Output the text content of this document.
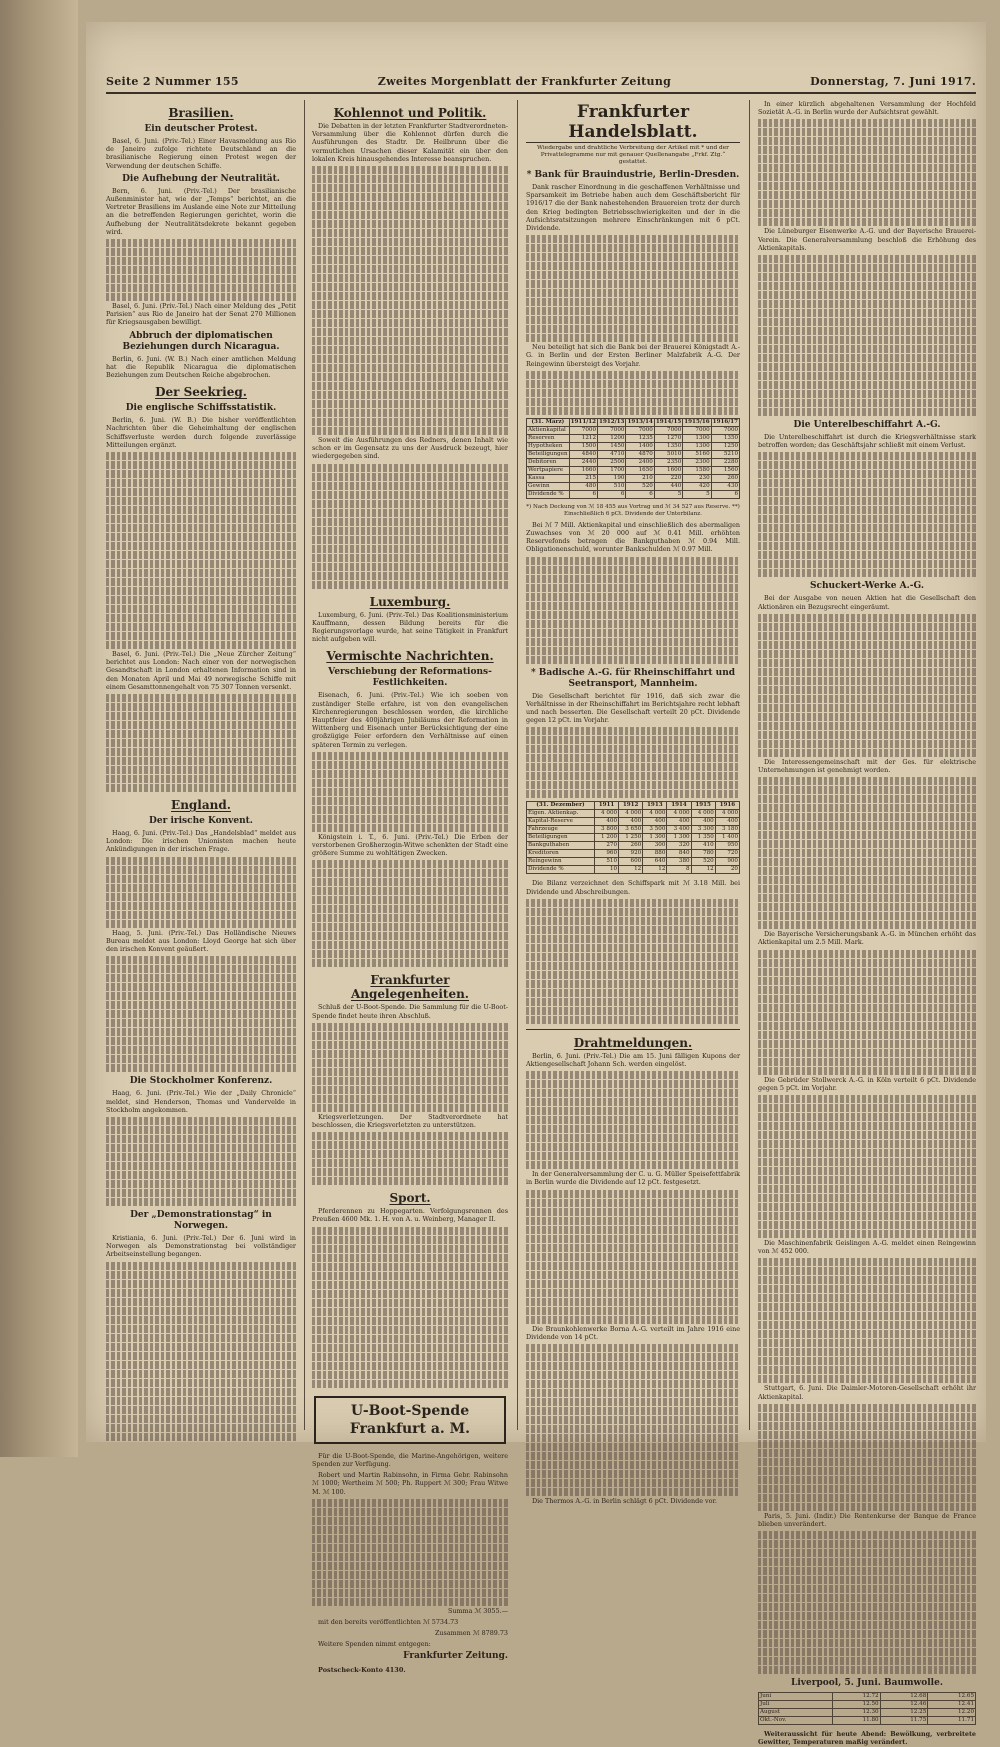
Seite 2 Nummer 155	Zweites Morgenblatt der Frankfurter Zeitung	Donnerstag, 7. Juni 1917.
Brasilien.
Ein deutscher Protest.

Basel, 6. Juni. (Priv.-Tel.) Einer Havasmeldung aus Rio de Janeiro zufolge richtete Deutschland an die brasilianische Regierung einen Protest wegen der Verwendung der deutschen Schiffe.

Die Aufhebung der Neutralität.

Bern, 6. Juni. (Priv.-Tel.) Der brasilianische Außenminister hat, wie der „Temps“ berichtet, an die Vertreter Brasiliens im Auslande eine Note zur Mitteilung an die betreffenden Regierungen gerichtet, worin die Aufhebung der Neutralitätsdekrete bekannt gegeben wird.

Basel, 6. Juni. (Priv.-Tel.) Nach einer Meldung des „Petit Parisien“ aus Rio de Janeiro hat der Senat 270 Millionen für Kriegsausgaben bewilligt.

Abbruch der diplomatischen Beziehungen durch Nicaragua.

Berlin, 6. Juni. (W. B.) Nach einer amtlichen Meldung hat die Republik Nicaragua die diplomatischen Beziehungen zum Deutschen Reiche abgebrochen.

Der Seekrieg.
Die englische Schiffsstatistik.

Berlin, 6. Juni. (W. B.) Die bisher veröffentlichten Nachrichten über die Geheimhaltung der englischen Schiffsverluste werden durch folgende zuverlässige Mitteilungen ergänzt.

Basel, 6. Juni. (Priv.-Tel.) Die „Neue Zürcher Zeitung“ berichtet aus London: Nach einer von der norwegischen Gesandtschaft in London erhaltenen Information sind in den Monaten April und Mai 49 norwegische Schiffe mit einem Gesamttonnengehalt von 75 307 Tonnen versenkt.

England.
Der irische Konvent.

Haag, 6. Juni. (Priv.-Tel.) Das „Handelsblad“ meldet aus London: Die irischen Unionisten machen heute Ankündigungen in der irischen Frage.

Haag, 5. Juni. (Priv.-Tel.) Das Holländische Nieuws Bureau meldet aus London: Lloyd George hat sich über den irischen Konvent geäußert.

Die Stockholmer Konferenz.

Haag, 6. Juni. (Priv.-Tel.) Wie der „Daily Chronicle“ meldet, sind Henderson, Thomas und Vandervelde in Stockholm angekommen.

Der „Demonstrationstag“ in Norwegen.

Kristiania, 6. Juni. (Priv.-Tel.) Der 6. Juni wird in Norwegen als Demonstrationstag bei vollständiger Arbeitseinstellung begangen.

Kohlennot und Politik.

Die Debatten in der letzten Frankfurter Stadtverordneten-Versammlung über die Kohlennot dürfen durch die Ausführungen des Stadtr. Dr. Heilbrunn über die vermutlichen Ursachen dieser Kalamität ein über den lokalen Kreis hinausgehendes Interesse beanspruchen.

Soweit die Ausführungen des Redners, denen Inhalt wie schon er im Gegensatz zu uns der Ausdruck bezeugt, hier wiedergegeben sind.

Luxemburg.

Luxemburg, 6. Juni. (Priv.-Tel.) Das Koalitionsministerium Kauffmann, dessen Bildung bereits für die Regierungsvorlage wurde, hat seine Tätigkeit in Frankfurt nicht aufgeben will.

Vermischte Nachrichten.
Verschiebung der Reformations-Festlichkeiten.

Eisenach, 6. Juni. (Priv.-Tel.) Wie ich soeben von zuständiger Stelle erfahre, ist von den evangelischen Kirchenregierungen beschlossen worden, die kirchliche Hauptfeier des 400jährigen Jubiläums der Reformation in Wittenberg und Eisenach unter Berücksichtigung der eine großzügige Feier erfordern den Verhältnisse auf einen späteren Termin zu verlegen.

Königstein i. T., 6. Juni. (Priv.-Tel.) Die Erben der verstorbenen Großherzogin-Witwe schenkten der Stadt eine größere Summe zu wohltätigen Zwecken.

Frankfurter Angelegenheiten.

Schluß der U-Boot-Spende. Die Sammlung für die U-Boot-Spende findet heute ihren Abschluß.

Kriegsverletzungen. Der Stadtverordnete hat beschlossen, die Kriegsverletzten zu unterstützen.

Sport.

Pferderennen zu Hoppegarten. Verfolgungsrennen des Preußen 4600 Mk. 1. H. von A. u. Weinberg, Manager II.

U-Boot-Spende Frankfurt a. M.

Für die U-Boot-Spende, die Marine-Angehörigen, weitere Spenden zur Verfügung.

Robert und Martin Rabinsohn, in Firma Gebr. Rabinsohn ℳ 1000; Wertheim ℳ 500; Ph. Ruppert ℳ 300; Frau Witwe M. ℳ 100.

Summa ℳ 3055.—

mit den bereits veröffentlichten ℳ 5734.73

Zusammen ℳ 8789.73

Weitere Spenden nimmt entgegen:

Frankfurter Zeitung.

Postscheck-Konto 4130.

Frankfurter Handelsblatt.
Wiedergabe und drahtliche Verbreitung der Artikel mit * und der Privattelegramme nur mit genauer Quellenangabe „Frkf. Ztg.“ gestattet.
* Bank für Brauindustrie, Berlin-Dresden.

Dank rascher Einordnung in die geschaffenen Verhältnisse und Sparsamkeit im Betriebe haben auch dem Geschäftsbericht für 1916/17 die der Bank nahestehenden Brauereien trotz der durch den Krieg bedingten Betriebsschwierigkeiten und der in die Aufsichtsratsitzungen mehrere Einschränkungen mit 6 pCt. Dividende.

Neu beteiligt hat sich die Bank bei der Brauerei Königstadt A.-G. in Berlin und der Ersten Berliner Malzfabrik A.-G. Der Reingewinn übersteigt des Vorjahr.

(31. März)	1911/12	1912/13	1913/14	1914/15	1915/16	1916/17
Aktienkapital	7000	7000	7000	7000	7000	7000
Reserven	1212	1200	1235	1270	1300	1350
Hypotheken	1500	1450	1400	1350	1300	1250
Beteiligungen	4840	4710	4870	5010	5160	5210
Debitoren	2440	2500	2400	2350	2300	2280
Wertpapiere	1660	1700	1650	1600	1580	1560
Kassa	215	190	210	220	230	260
Gewinn	480	510	520	440	420	430
Dividende %	6	6	6	5	5	6
*) Nach Deckung von ℳ 18 455 aus Vortrag und ℳ 34 527 aus Reserve. **) Einschließlich 6 pCt. Dividende der Unterbilanz.

Bei ℳ 7 Mill. Aktienkapital und einschließlich des abermaligen Zuwachses von ℳ 20 000 auf ℳ 0.41 Mill. erhöhten Reservefonds betragen die Bankguthaben ℳ 0.94 Mill. Obligationenschuld, worunter Bankschulden ℳ 0.97 Mill.

* Badische A.-G. für Rheinschiffahrt und Seetransport, Mannheim.

Die Gesellschaft berichtet für 1916, daß sich zwar die Verhältnisse in der Rheinschiffahrt im Berichtsjahre recht lebhaft und nach besserten. Die Gesellschaft verteilt 20 pCt. Dividende gegen 12 pCt. im Vorjahr.

(31. Dezember)	1911	1912	1913	1914	1915	1916
Eigen. Aktienkap.	4 000	4 000	4 000	4 000	4 000	4 000
Kapital-Reserve	400	400	400	400	400	400
Fahrzeuge	3 800	3 650	3 500	3 400	3 300	3 180
Beteiligungen	1 200	1 250	1 300	1 300	1 350	1 400
Bankguthaben	270	260	300	320	410	950
Kreditoren	960	920	880	840	780	720
Reingewinn	510	600	640	380	520	900
Dividende %	10	12	12	8	12	20

Die Bilanz verzeichnet den Schiffspark mit ℳ 3.18 Mill. bei Dividende und Abschreibungen.

Drahtmeldungen.

Berlin, 6. Juni. (Priv.-Tel.) Die am 15. Juni fälligen Kupons der Aktiengesellschaft Johann Sch. werden eingelöst.

In der Generalversammlung der C. u. G. Müller Speisefettfabrik in Berlin wurde die Dividende auf 12 pCt. festgesetzt.

Die Braunkohlenwerke Borna A.-G. verteilt im Jahre 1916 eine Dividende von 14 pCt.

Die Thermos A.-G. in Berlin schlägt 6 pCt. Dividende vor.

In einer kürzlich abgehaltenen Versammlung der Hochfeld Sozietät A.-G. in Berlin wurde der Aufsichtsrat gewählt.

Die Lüneburger Eisenwerke A.-G. und der Bayerische Brauerei-Verein. Die Generalversammlung beschloß die Erhöhung des Aktienkapitals.

Die Unterelbeschiffahrt A.-G.

Die Unterelbeschiffahrt ist durch die Kriegsverhältnisse stark betroffen worden; das Geschäftsjahr schließt mit einem Verlust.

Schuckert-Werke A.-G.

Bei der Ausgabe von neuen Aktien hat die Gesellschaft den Aktionären ein Bezugsrecht eingeräumt.

Die Interessengemeinschaft mit der Ges. für elektrische Unternehmungen ist genehmigt worden.

Die Bayerische Versicherungsbank A.-G. in München erhöht das Aktienkapital um 2.5 Mill. Mark.

Die Gebrüder Stollwerck A.-G. in Köln verteilt 6 pCt. Dividende gegen 5 pCt. im Vorjahr.

Die Maschinenfabrik Geislingen A.-G. meldet einen Reingewinn von ℳ 452 000.

Stuttgart, 6. Juni. Die Daimler-Motoren-Gesellschaft erhöht ihr Aktienkapital.

Paris, 5. Juni. (Indir.) Die Rentenkurse der Banque de France blieben unverändert.

Liverpool, 5. Juni. Baumwolle.
Juni	12.72	12.68	12.65
Juli	12.50	12.46	12.41
August	12.30	12.25	12.20
Okt.-Nov.	11.80	11.75	11.71

Weiteraussicht für heute Abend: Bewölkung, verbreitete Gewitter, Temperaturen maßig verändert.
